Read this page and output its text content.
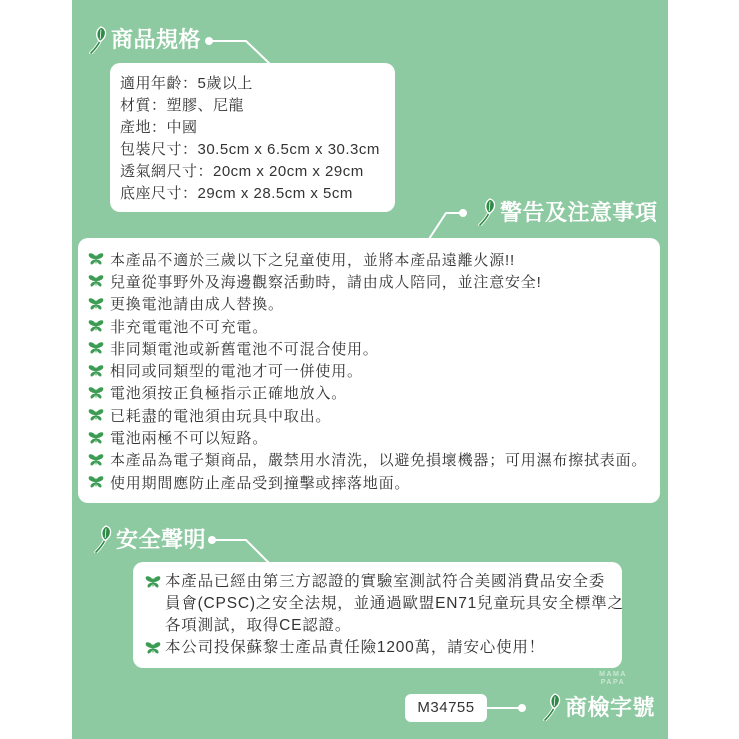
商品規格
適用年齡：5歲以上
材質：塑膠、尼龍
產地：中國
包裝尺寸：30.5cm x 6.5cm x 30.3cm
透氣網尺寸：20cm x 20cm x 29cm
底座尺寸：29cm x 28.5cm x 5cm
警告及注意事項
本產品不適於三歲以下之兒童使用，並將本產品遠離火源!!
兒童從事野外及海邊觀察活動時，請由成人陪同，並注意安全!
更換電池請由成人替換。
非充電電池不可充電。
非同類電池或新舊電池不可混合使用。
相同或同類型的電池才可一併使用。
電池須按正負極指示正確地放入。
已耗盡的電池須由玩具中取出。
電池兩極不可以短路。
本產品為電子類商品，嚴禁用水清洗，以避免損壞機器；可用濕布擦拭表面。
使用期間應防止產品受到撞擊或摔落地面。
安全聲明
本產品已經由第三方認證的實驗室測試符合美國消費品安全委
員會(CPSC)之安全法規，並通過歐盟EN71兒童玩具安全標準之
各項測試，取得CE認證。
本公司投保蘇黎士產品責任險1200萬，請安心使用！
M34755	商檢字號
MAMA
PAPA
